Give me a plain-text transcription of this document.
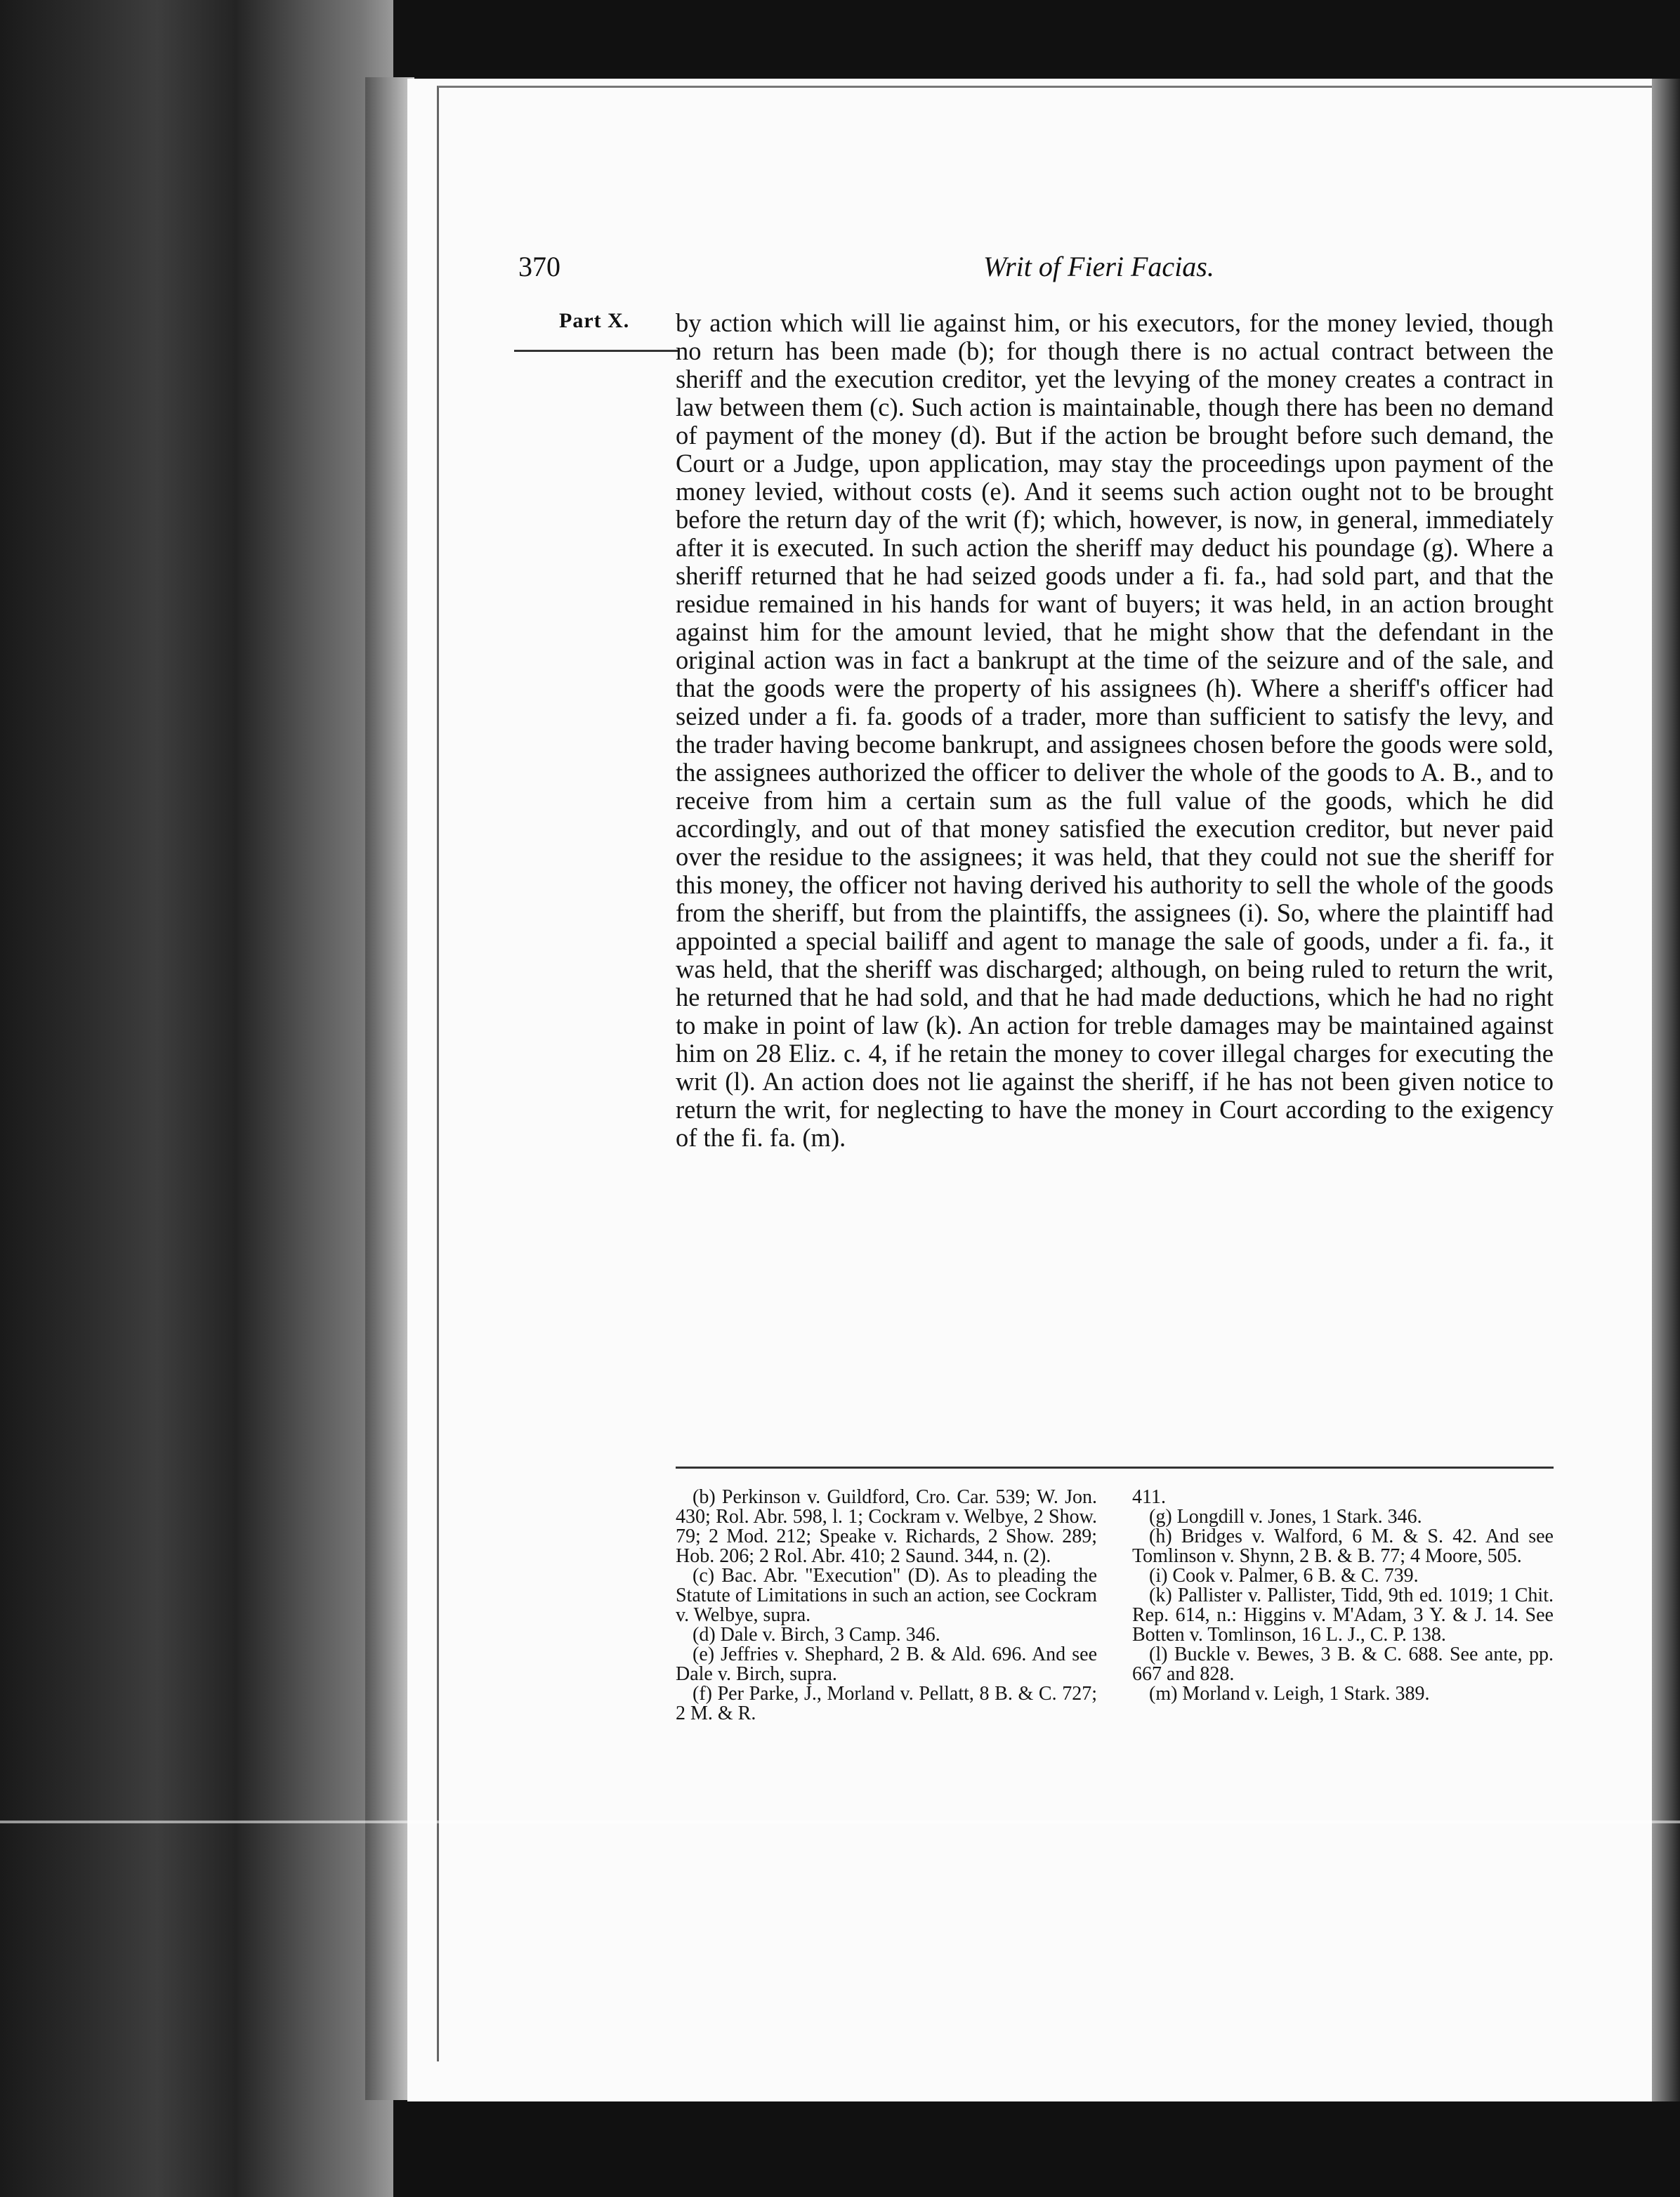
370	Writ of Fieri Facias.
Part X. by action which will lie against him, or his executors, for the money levied, though no return has been made (b); for though there is no actual contract between the sheriff and the execution creditor, yet the levying of the money creates a contract in law between them (c). Such action is maintainable, though there has been no demand of payment of the money (d). But if the action be brought before such demand, the Court or a Judge, upon application, may stay the proceedings upon payment of the money levied, without costs (e). And it seems such action ought not to be brought before the return day of the writ (f); which, however, is now, in general, immediately after it is executed. In such action the sheriff may deduct his poundage (g). Where a sheriff returned that he had seized goods under a fi. fa., had sold part, and that the residue remained in his hands for want of buyers; it was held, in an action brought against him for the amount levied, that he might show that the defendant in the original action was in fact a bankrupt at the time of the seizure and of the sale, and that the goods were the property of his assignees (h). Where a sheriff's officer had seized under a fi. fa. goods of a trader, more than sufficient to satisfy the levy, and the trader having become bankrupt, and assignees chosen before the goods were sold, the assignees authorized the officer to deliver the whole of the goods to A. B., and to receive from him a certain sum as the full value of the goods, which he did accordingly, and out of that money satisfied the execution creditor, but never paid over the residue to the assignees; it was held, that they could not sue the sheriff for this money, the officer not having derived his authority to sell the whole of the goods from the sheriff, but from the plaintiffs, the assignees (i). So, where the plaintiff had appointed a special bailiff and agent to manage the sale of goods, under a fi. fa., it was held, that the sheriff was discharged; although, on being ruled to return the writ, he returned that he had sold, and that he had made deductions, which he had no right to make in point of law (k). An action for treble damages may be maintained against him on 28 Eliz. c. 4, if he retain the money to cover illegal charges for executing the writ (l). An action does not lie against the sheriff, if he has not been given notice to return the writ, for neglecting to have the money in Court according to the exigency of the fi. fa. (m).

(b) Perkinson v. Guildford, Cro. Car. 539; W. Jon. 430; Rol. Abr. 598, l. 1; Cockram v. Welbye, 2 Show. 79; 2 Mod. 212; Speake v. Richards, 2 Show. 289; Hob. 206; 2 Rol. Abr. 410; 2 Saund. 344, n. (2).

(c) Bac. Abr. "Execution" (D). As to pleading the Statute of Limitations in such an action, see Cockram v. Welbye, supra.

(d) Dale v. Birch, 3 Camp. 346.

(e) Jeffries v. Shephard, 2 B. & Ald. 696. And see Dale v. Birch, supra.

(f) Per Parke, J., Morland v. Pellatt, 8 B. & C. 727; 2 M. & R.

411.

(g) Longdill v. Jones, 1 Stark. 346.

(h) Bridges v. Walford, 6 M. & S. 42. And see Tomlinson v. Shynn, 2 B. & B. 77; 4 Moore, 505.

(i) Cook v. Palmer, 6 B. & C. 739.

(k) Pallister v. Pallister, Tidd, 9th ed. 1019; 1 Chit. Rep. 614, n.: Higgins v. M'Adam, 3 Y. & J. 14. See Botten v. Tomlinson, 16 L. J., C. P. 138.

(l) Buckle v. Bewes, 3 B. & C. 688. See ante, pp. 667 and 828.

(m) Morland v. Leigh, 1 Stark. 389.
